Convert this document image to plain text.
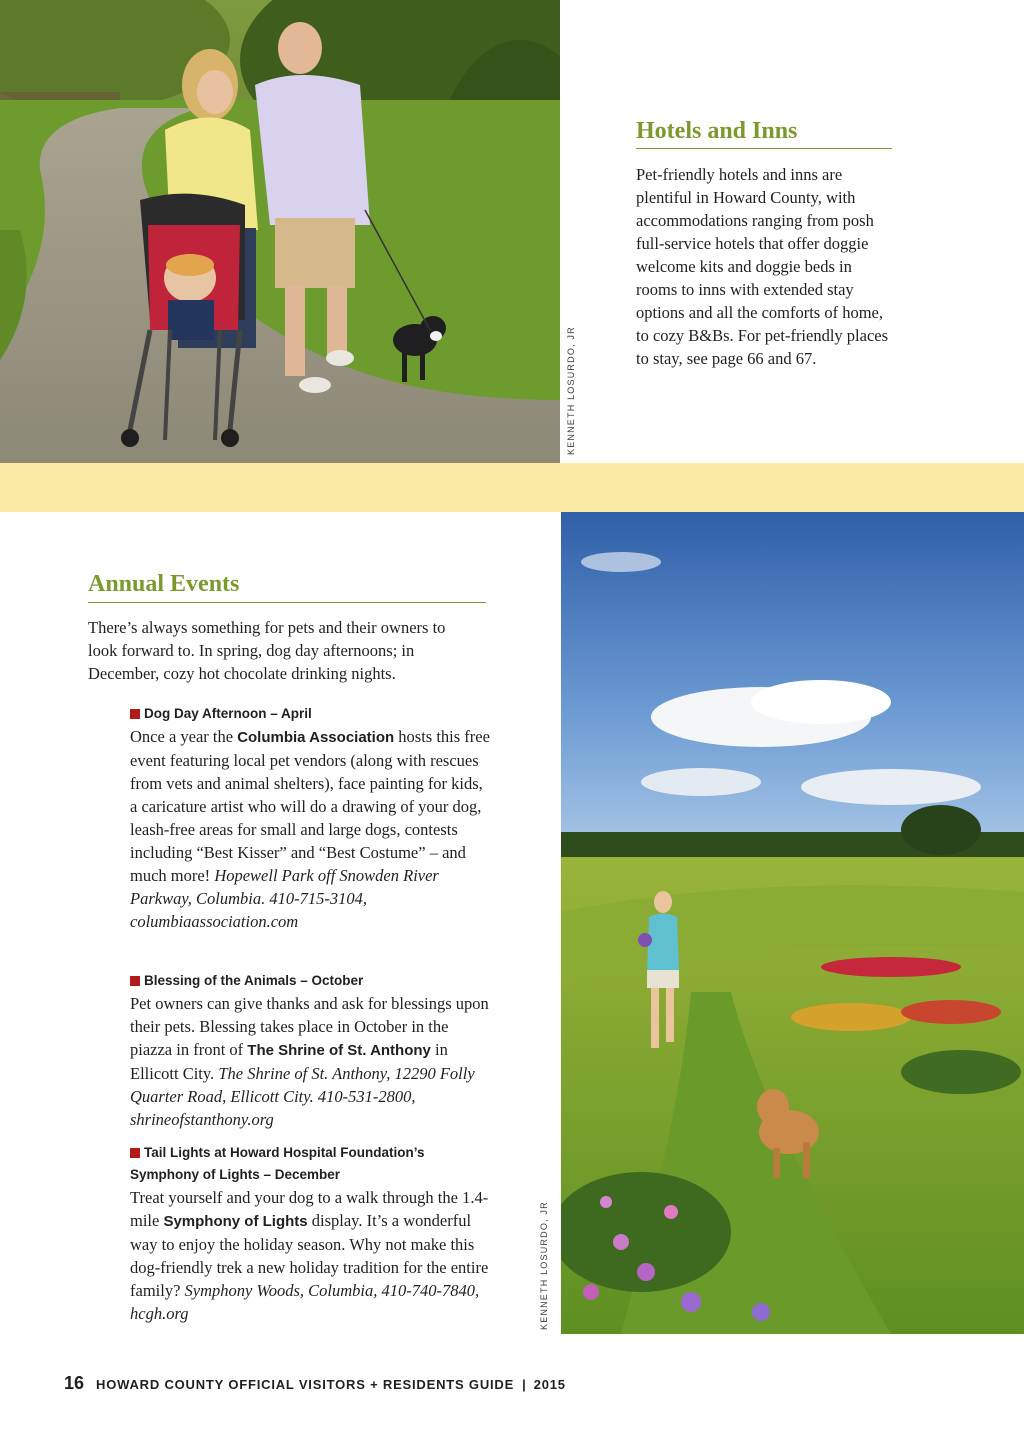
KENNETH LOSURDO, JR
Hotels and Inns

Pet-friendly hotels and inns are plentiful in Howard County, with accommodations ranging from posh full-service hotels that offer doggie welcome kits and doggie beds in rooms to inns with extended stay options and all the comforts of home, to cozy B&Bs. For pet-friendly places to stay, see page 66 and 67.

Annual Events

There’s always something for pets and their owners to look forward to. In spring, dog day afternoons; in December, cozy hot chocolate drinking nights.

Dog Day Afternoon – April

Once a year the Columbia Association hosts this free event featuring local pet vendors (along with rescues from vets and animal shelters), face painting for kids, a caricature artist who will do a drawing of your dog, leash-free areas for small and large dogs, contests including “Best Kisser” and “Best Costume” – and much more! Hopewell Park off Snowden River Parkway, Columbia. 410-715-3104, columbiaassociation.com

Blessing of the Animals – October

Pet owners can give thanks and ask for blessings upon their pets. Blessing takes place in October in the piazza in front of The Shrine of St. Anthony in Ellicott City. The Shrine of St. Anthony, 12290 Folly Quarter Road, Ellicott City. 410-531-2800, shrineofstanthony.org

Tail Lights at Howard Hospital Foundation’s Symphony of Lights – December

Treat yourself and your dog to a walk through the 1.4-mile Symphony of Lights display. It’s a wonderful way to enjoy the holiday season. Why not make this dog-friendly trek a new holiday tradition for the entire family? Symphony Woods, Columbia, 410-740-7840, hcgh.org	KENNETH LOSURDO, JR
16 HOWARD COUNTY OFFICIAL VISITORS + RESIDENTS GUIDE | 2015
